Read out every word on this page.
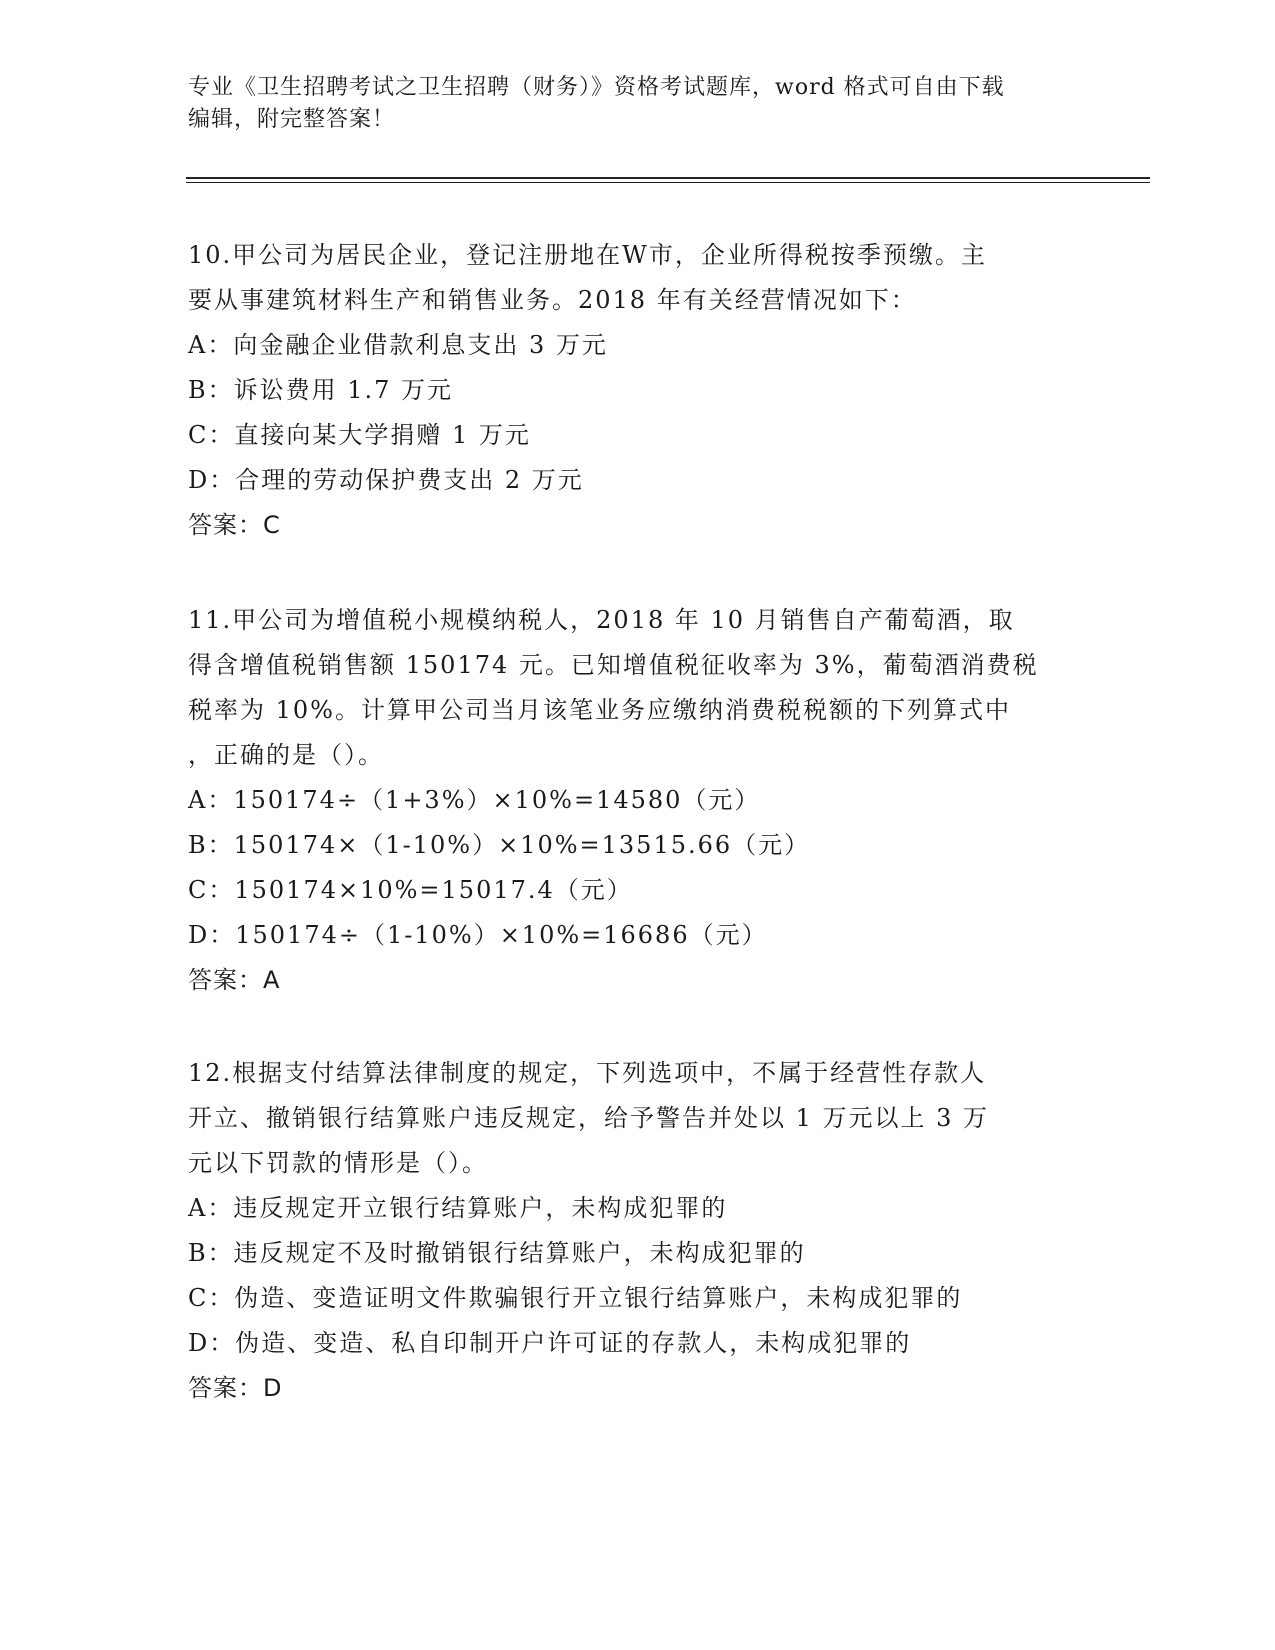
专业《卫生招聘考试之卫生招聘（财务）》资格考试题库，word 格式可自由下载
编辑，附完整答案！
10.甲公司为居民企业，登记注册地在W市，企业所得税按季预缴。主
要从事建筑材料生产和销售业务。2018 年有关经营情况如下：
A：向金融企业借款利息支出 3 万元
B：诉讼费用 1.7 万元
C：直接向某大学捐赠 1 万元
D：合理的劳动保护费支出 2 万元
答案：C
11.甲公司为增值税小规模纳税人，2018 年 10 月销售自产葡萄酒，取
得含增值税销售额 150174 元。已知增值税征收率为 3%，葡萄酒消费税
税率为 10%。计算甲公司当月该笔业务应缴纳消费税税额的下列算式中
，正确的是（）。
A：150174÷（1+3%）×10%=14580（元）
B：150174×（1-10%）×10%=13515.66（元）
C：150174×10%=15017.4（元）
D：150174÷（1-10%）×10%=16686（元）
答案：A
12.根据支付结算法律制度的规定，下列选项中，不属于经营性存款人
开立、撤销银行结算账户违反规定，给予警告并处以 1 万元以上 3 万
元以下罚款的情形是（）。
A：违反规定开立银行结算账户，未构成犯罪的
B：违反规定不及时撤销银行结算账户，未构成犯罪的
C：伪造、变造证明文件欺骗银行开立银行结算账户，未构成犯罪的
D：伪造、变造、私自印制开户许可证的存款人，未构成犯罪的
答案：D
